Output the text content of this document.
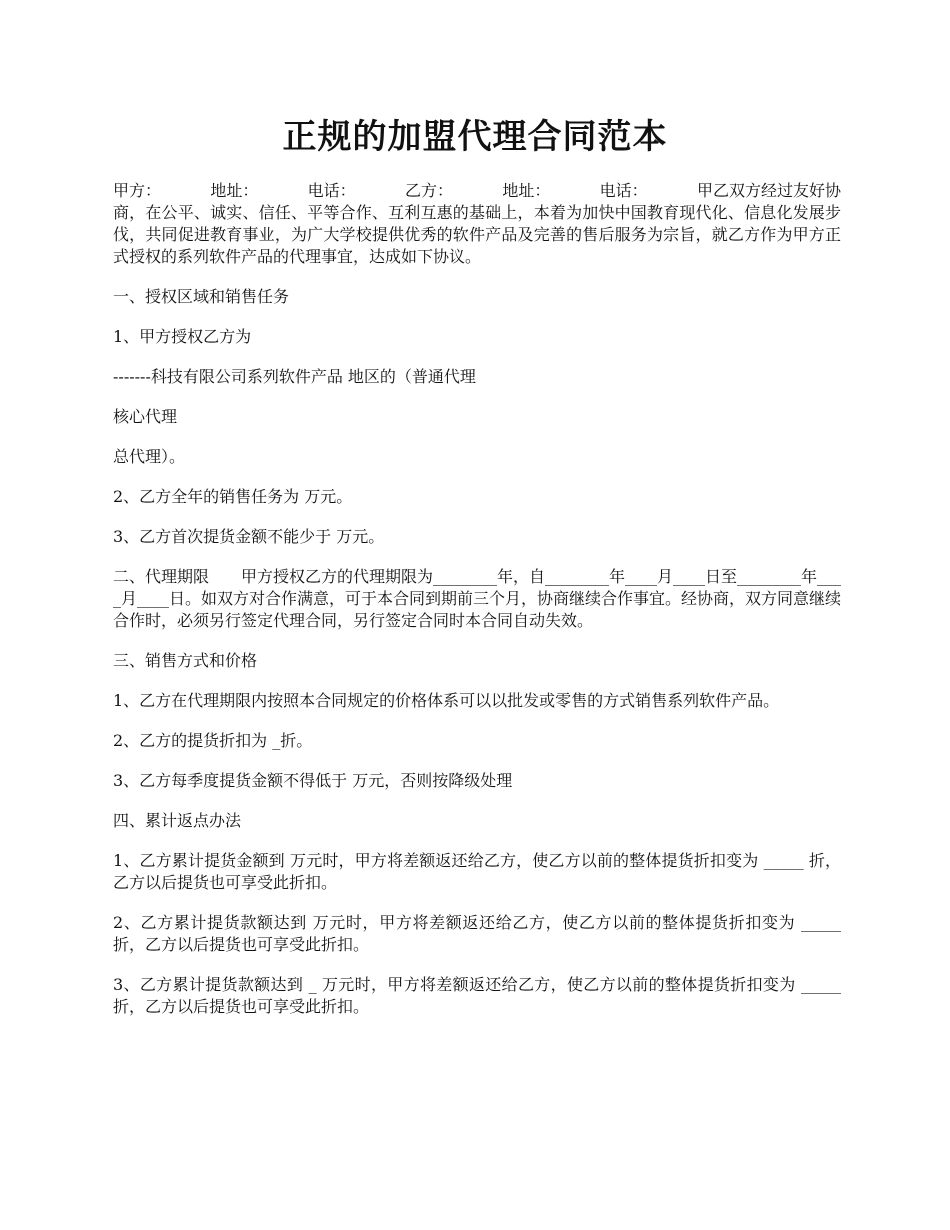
正规的加盟代理合同范本
甲方：	地址：	电话：	乙方：	地址：	电话：	甲乙双方经过友好协

商，在公平、诚实、信任、平等合作、互利互惠的基础上，本着为加快中国教育现代化、信息化发展步伐，共同促进教育事业，为广大学校提供优秀的软件产品及完善的售后服务为宗旨，就乙方作为甲方正式授权的系列软件产品的代理事宜，达成如下协议。

一、授权区域和销售任务

1、甲方授权乙方为

-------科技有限公司系列软件产品 地区的（普通代理

核心代理

总代理）。

2、乙方全年的销售任务为 万元。

3、乙方首次提货金额不能少于 万元。

二、代理期限　　甲方授权乙方的代理期限为________年，自________年____月____日至________年____月____日。如双方对合作满意，可于本合同到期前三个月，协商继续合作事宜。经协商，双方同意继续合作时，必须另行签定代理合同，另行签定合同时本合同自动失效。

三、销售方式和价格

1、乙方在代理期限内按照本合同规定的价格体系可以以批发或零售的方式销售系列软件产品。

2、乙方的提货折扣为 _折。

3、乙方每季度提货金额不得低于 万元，否则按降级处理

四、累计返点办法

1、乙方累计提货金额到 万元时，甲方将差额返还给乙方，使乙方以前的整体提货折扣变为 _____ 折，乙方以后提货也可享受此折扣。

2、乙方累计提货款额达到 万元时，甲方将差额返还给乙方，使乙方以前的整体提货折扣变为 _____ 折，乙方以后提货也可享受此折扣。

3、乙方累计提货款额达到 _ 万元时，甲方将差额返还给乙方，使乙方以前的整体提货折扣变为 _____折，乙方以后提货也可享受此折扣。
